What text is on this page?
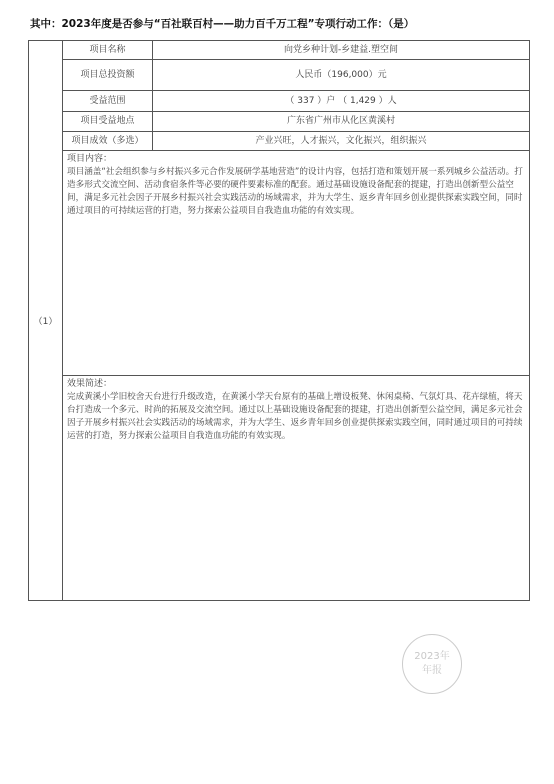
其中：2023年度是否参与“百社联百村——助力百千万工程”专项行动工作：（是）
（1）	项目名称	向党乡种计划-乡建益.塑空间
	项目总投资额	人民币（196,000）元
	受益范围	（ 337 ）户 （ 1,429 ）人
	项目受益地点	广东省广州市从化区黄溪村
	项目成效（多选）	产业兴旺，人才振兴，文化振兴，组织振兴

	项目内容：
项目涵盖“社会组织参与乡村振兴多元合作发展研学基地营造”的设计内容，包括打造和策划开展一系列城乡公益活动。打造多形式交流空间、活动食宿条件等必要的硬件要素标准的配套。通过基础设施设备配套的提建，打造出创新型公益空间，满足多元社会因子开展乡村振兴社会实践活动的场域需求，并为大学生、返乡青年回乡创业提供探索实践空间，同时通过项目的可持续运营的打造，努力探索公益项目自我造血功能的有效实现。	

	效果简述：
完成黄溪小学旧校舍天台进行升级改造，在黄溪小学天台原有的基础上增设板凳、休闲桌椅、气氛灯具、花卉绿植，将天台打造成一个多元、时尚的拓展及交流空间。通过以上基础设施设备配套的提建，打造出创新型公益空间，满足多元社会因子开展乡村振兴社会实践活动的场域需求，并为大学生、返乡青年回乡创业提供探索实践空间，同时通过项目的可持续运营的打造，努力探索公益项目自我造血功能的有效实现。	
2023年
年报
